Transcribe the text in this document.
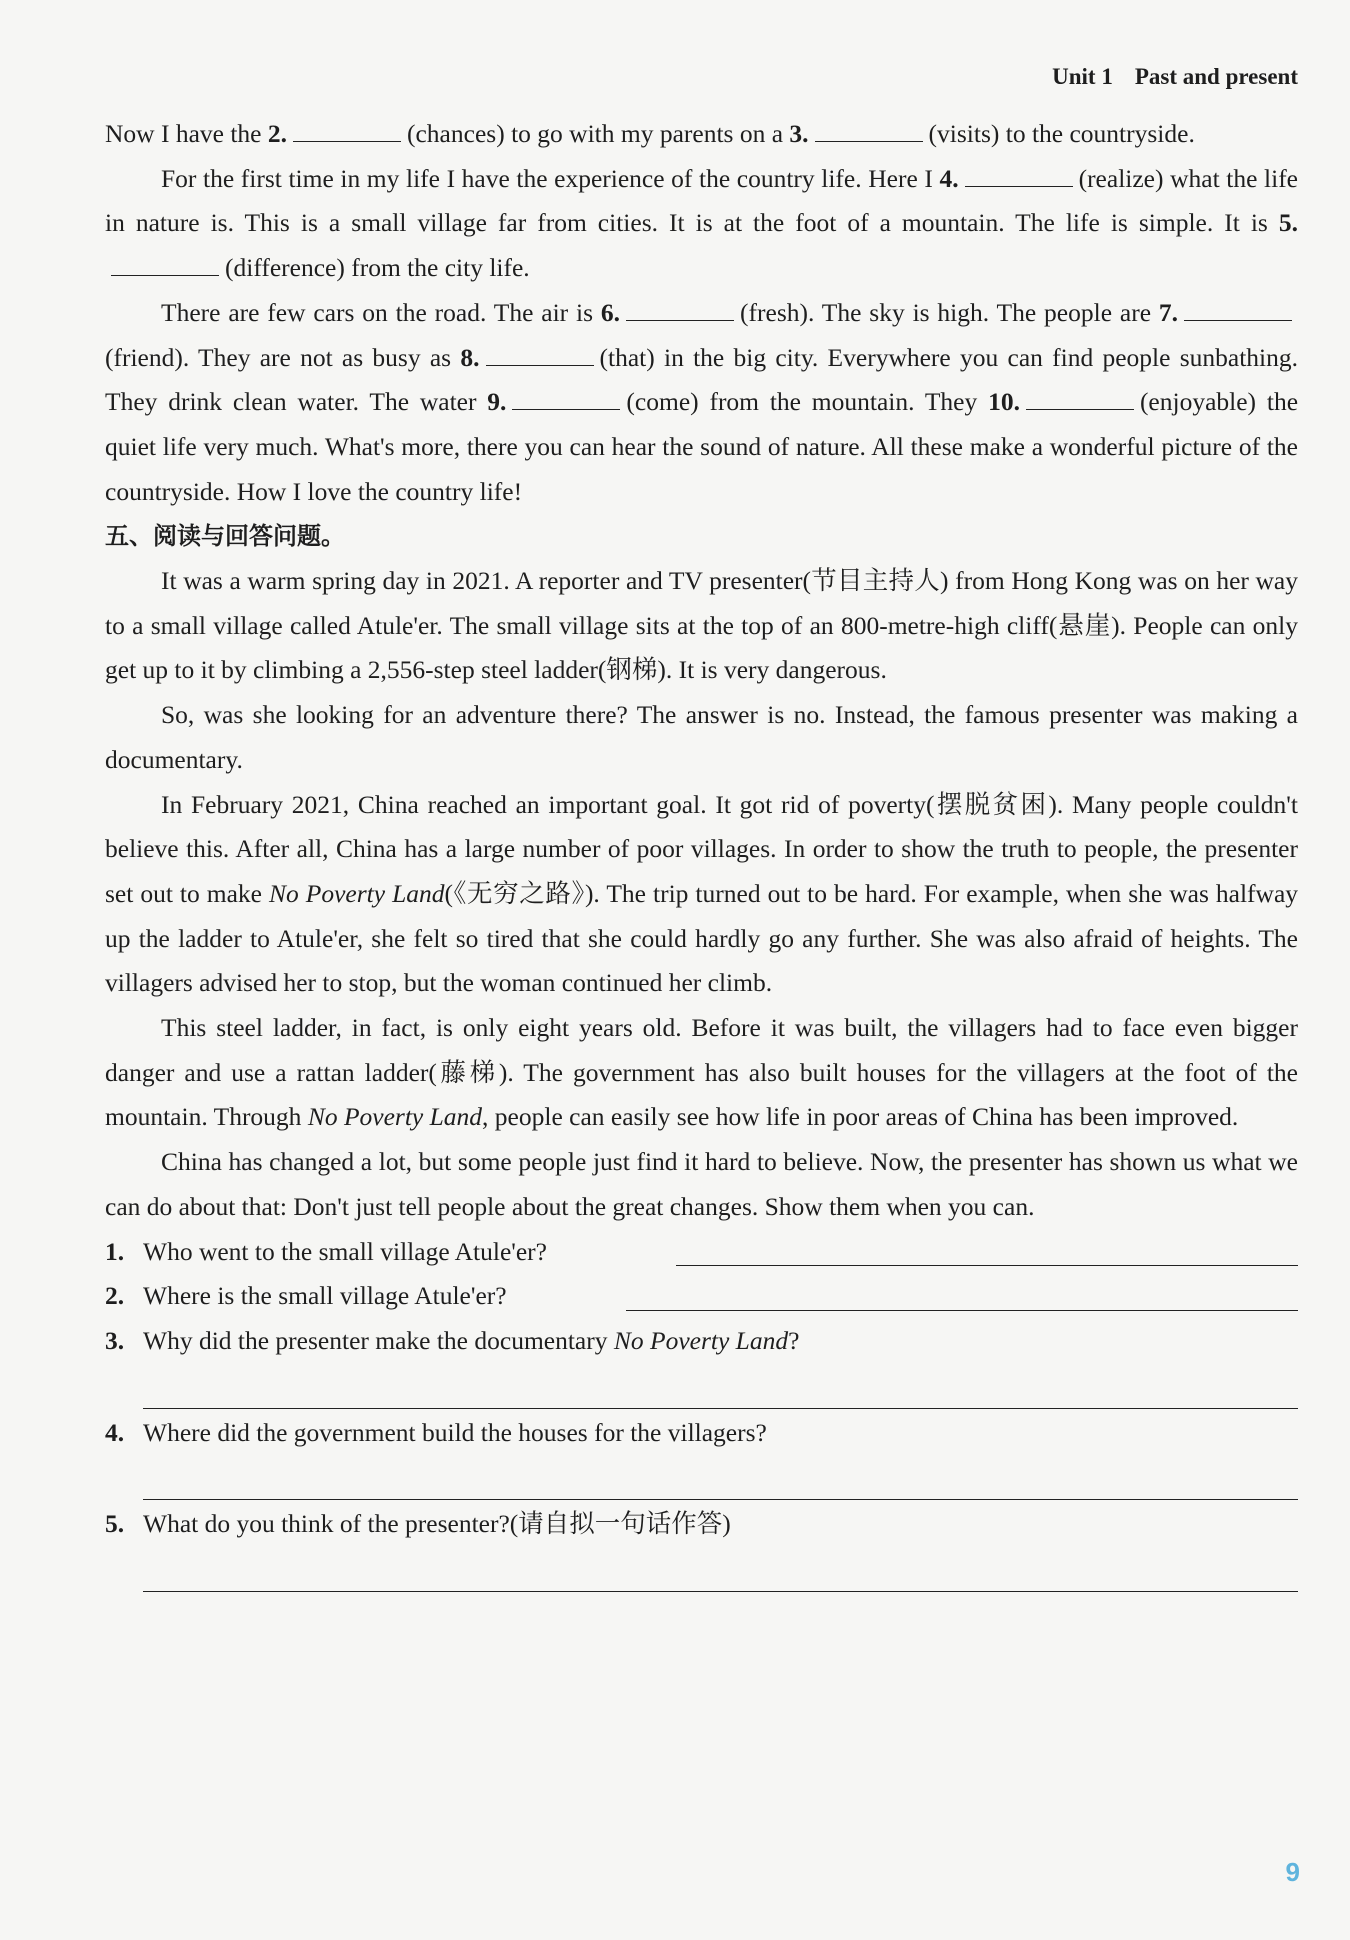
Unit 1 Past and present

Now I have the 2.	(chances) to go with my parents on a 3.	(visits) to the countryside.

For the first time in my life I have the experience of the country life. Here I 4.	(realize) what the life in nature is. This is a small village far from cities. It is at the foot of a mountain. The life is simple. It is 5.(difference) from the city life.

There are few cars on the road. The air is 6.	(fresh). The sky is high. The people are 7.(friend). They are not as busy as 8.	(that) in the big city. Everywhere you can find people sunbathing. They drink clean water. The water 9.	(come) from the mountain. They 10.	(enjoyable) the quiet life very much. What's more, there you can hear the sound of nature. All these make a wonderful picture of the countryside. How I love the country life!

五、阅读与回答问题。

It was a warm spring day in 2021. A reporter and TV presenter(节目主持人) from Hong Kong was on her way to a small village called Atule'er. The small village sits at the top of an 800-metre-high cliff(悬崖). People can only get up to it by climbing a 2,556-step steel ladder(钢梯). It is very dangerous.

So, was she looking for an adventure there? The answer is no. Instead, the famous presenter was making a documentary.

In February 2021, China reached an important goal. It got rid of poverty(摆脱贫困). Many people couldn't believe this. After all, China has a large number of poor villages. In order to show the truth to people, the presenter set out to make No Poverty Land(《无穷之路》). The trip turned out to be hard. For example, when she was halfway up the ladder to Atule'er, she felt so tired that she could hardly go any further. She was also afraid of heights. The villagers advised her to stop, but the woman continued her climb.

This steel ladder, in fact, is only eight years old. Before it was built, the villagers had to face even bigger danger and use a rattan ladder(藤梯). The government has also built houses for the villagers at the foot of the mountain. Through No Poverty Land, people can easily see how life in poor areas of China has been improved.

China has changed a lot, but some people just find it hard to believe. Now, the presenter has shown us what we can do about that: Don't just tell people about the great changes. Show them when you can.

1. Who went to the small village Atule'er?
2. Where is the small village Atule'er?
3. Why did the presenter make the documentary No Poverty Land?
4. Where did the government build the houses for the villagers?
5. What do you think of the presenter?(请自拟一句话作答)
9
